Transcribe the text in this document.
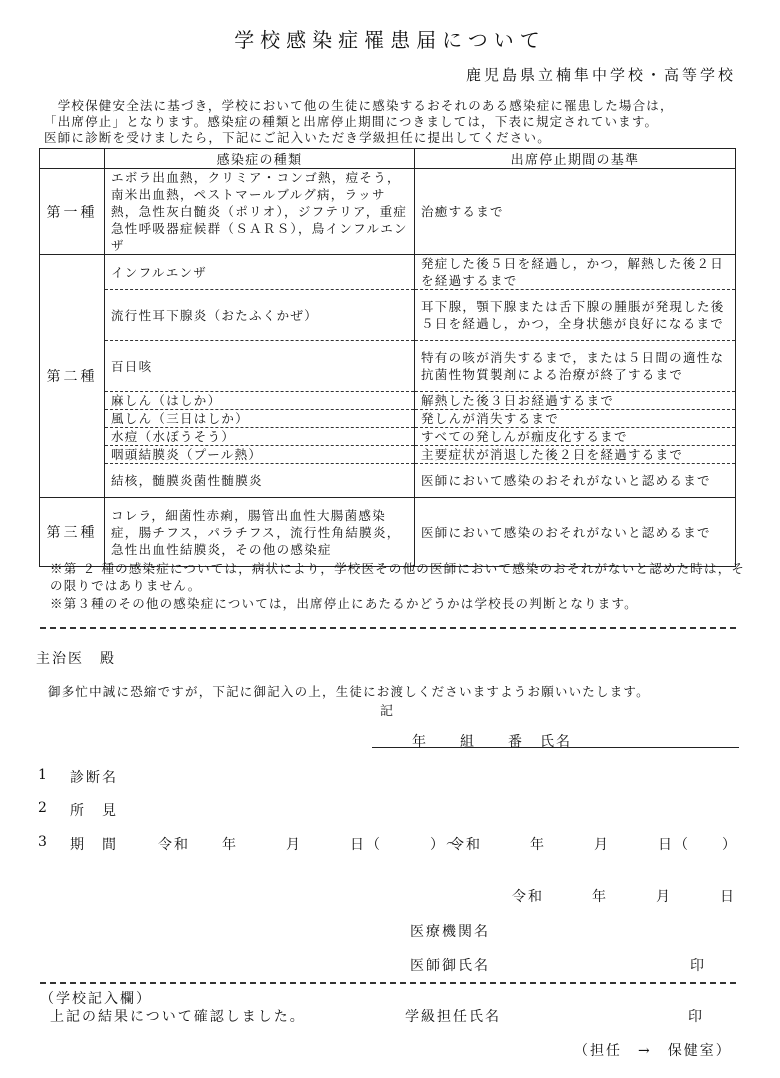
学校感染症罹患届について
鹿児島県立楠隼中学校・高等学校
　学校保健安全法に基づき，学校において他の生徒に感染するおそれのある感染症に罹患した場合は，
「出席停止」となります。感染症の種類と出席停止期間につきましては，下表に規定されています。
医師に診断を受けましたら，下記にご記入いただき学級担任に提出してください。
	感染症の種類	出席停止期間の基準
第一種	エボラ出血熱，クリミア・コンゴ熱，痘そう，南米出血熱，ペストマールブルグ病，ラッサ熱，急性灰白髄炎（ポリオ），ジフテリア，重症急性呼吸器症候群（ＳＡＲＳ），鳥インフルエンザ	治癒するまで
第二種	インフルエンザ	発症した後５日を経過し，かつ，解熱した後２日を経過するまで
	流行性耳下腺炎（おたふくかぜ）	耳下腺，顎下腺または舌下腺の腫脹が発現した後５日を経過し，かつ，全身状態が良好になるまで
	百日咳	特有の咳が消失するまで，または５日間の適性な抗菌性物質製剤による治療が終了するまで
	麻しん（はしか）	解熱した後３日お経過するまで
	風しん（三日はしか）	発しんが消失するまで
	水痘（水ぼうそう）	すべての発しんが痂皮化するまで
	咽頭結膜炎（プール熱）	主要症状が消退した後２日を経過するまで
	結核，髄膜炎菌性髄膜炎	医師において感染のおそれがないと認めるまで
第三種	コレラ，細菌性赤痢，腸管出血性大腸菌感染症，腸チフス，パラチフス，流行性角結膜炎，急性出血性結膜炎，その他の感染症	医師において感染のおそれがないと認めるまで
※第 ２ 種の感染症については，病状により，学校医その他の医師において感染のおそれがないと認めた時は，その限りではありません。
※第３種のその他の感染症については，出席停止にあたるかどうかは学校長の判断となります。
主治医　殿
御多忙中誠に恐縮ですが，下記に御記入の上，生徒にお渡しくださいますようお願いいたします。
記
年　　組　　番　氏名
1 診断名
2 所　見
3 期　間	令和　　年　　　月　　　日（　　　）～
令和　　　年　　　月　　　日（　　）
令和　　　年　　　月　　　日
医療機関名
医師御氏名	印
（学校記入欄）
上記の結果について確認しました。	学級担任氏名	印
（担任　→　保健室）
